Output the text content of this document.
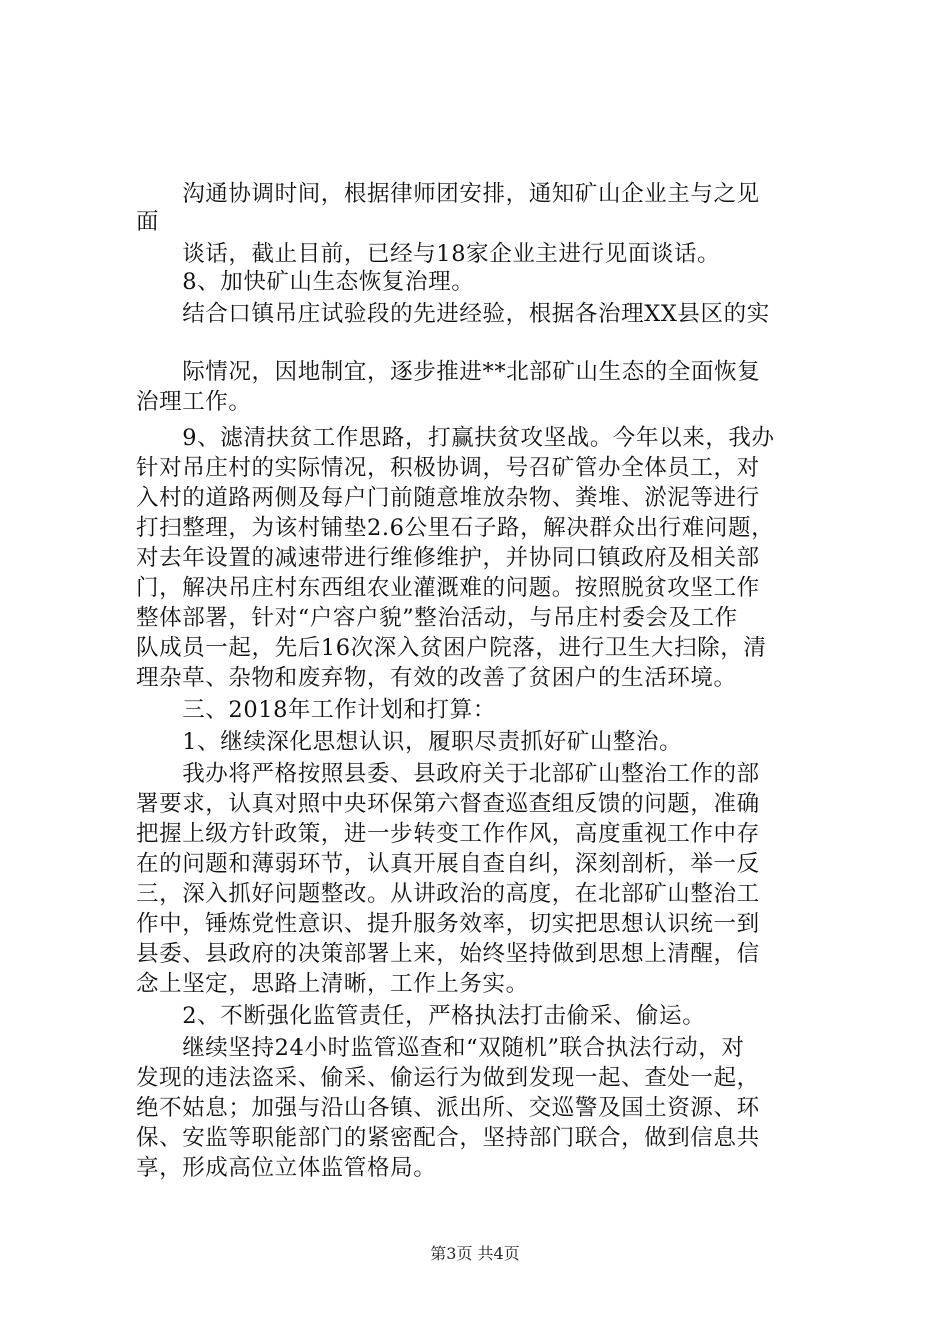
　　沟通协调时间，根据律师团安排，通知矿山企业主与之见
面
　　谈话，截止目前，已经与18家企业主进行见面谈话。
　　8、加快矿山生态恢复治理。
　　结合口镇吊庄试验段的先进经验，根据各治理XX县区的实
　　际情况，因地制宜，逐步推进**北部矿山生态的全面恢复
治理工作。
　　9、滤清扶贫工作思路，打赢扶贫攻坚战。今年以来，我办
针对吊庄村的实际情况，积极协调，号召矿管办全体员工，对
入村的道路两侧及每户门前随意堆放杂物、粪堆、淤泥等进行
打扫整理，为该村铺垫2.6公里石子路，解决群众出行难问题，
对去年设置的减速带进行维修维护，并协同口镇政府及相关部
门，解决吊庄村东西组农业灌溉难的问题。按照脱贫攻坚工作
整体部署，针对“户容户貌”整治活动，与吊庄村委会及工作
队成员一起，先后16次深入贫困户院落，进行卫生大扫除，清
理杂草、杂物和废弃物，有效的改善了贫困户的生活环境。
　　三、2018年工作计划和打算：
　　1、继续深化思想认识，履职尽责抓好矿山整治。
　　我办将严格按照县委、县政府关于北部矿山整治工作的部
署要求，认真对照中央环保第六督查巡查组反馈的问题，准确
把握上级方针政策，进一步转变工作作风，高度重视工作中存
在的问题和薄弱环节，认真开展自查自纠，深刻剖析，举一反
三，深入抓好问题整改。从讲政治的高度，在北部矿山整治工
作中，锤炼党性意识、提升服务效率，切实把思想认识统一到
县委、县政府的决策部署上来，始终坚持做到思想上清醒，信
念上坚定，思路上清晰，工作上务实。
　　2、不断强化监管责任，严格执法打击偷采、偷运。
　　继续坚持24小时监管巡查和“双随机”联合执法行动，对
发现的违法盗采、偷采、偷运行为做到发现一起、查处一起，
绝不姑息；加强与沿山各镇、派出所、交巡警及国土资源、环
保、安监等职能部门的紧密配合，坚持部门联合，做到信息共
享，形成高位立体监管格局。
第3页 共4页
